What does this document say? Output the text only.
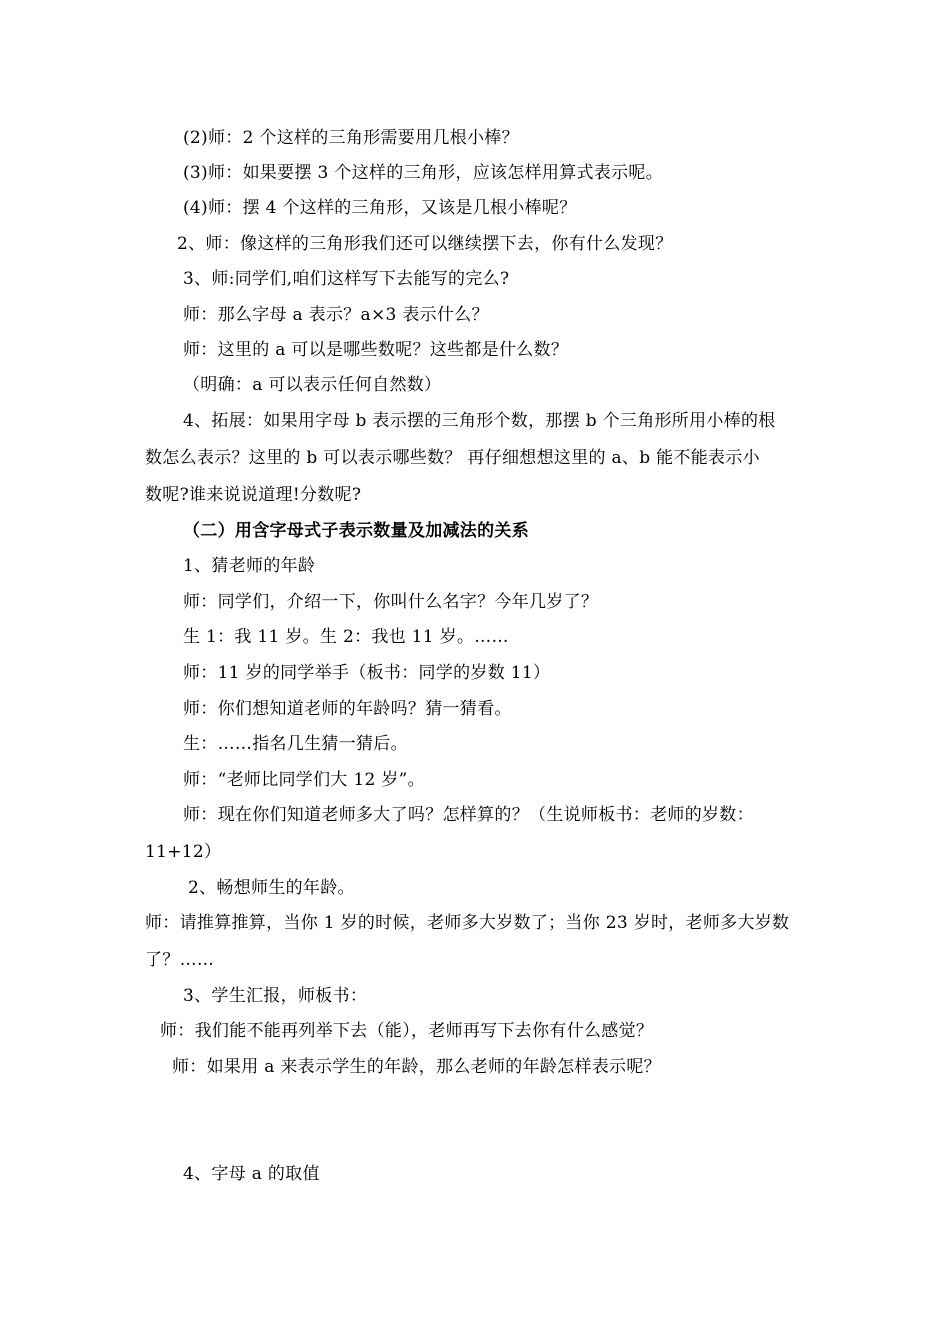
(2)师：2 个这样的三角形需要用几根小棒？
(3)师：如果要摆 3 个这样的三角形，应该怎样用算式表示呢。
(4)师：摆 4 个这样的三角形，又该是几根小棒呢？
2、师：像这样的三角形我们还可以继续摆下去，你有什么发现？
3、师:同学们,咱们这样写下去能写的完么?
师：那么字母 a 表示？a×3 表示什么？
师：这里的 a 可以是哪些数呢？这些都是什么数？
（明确：a 可以表示任何自然数）
4、拓展：如果用字母 b 表示摆的三角形个数，那摆 b 个三角形所用小棒的根
数怎么表示？这里的 b 可以表示哪些数？ 再仔细想想这里的 a、b 能不能表示小
数呢?谁来说说道理!分数呢?
（二）用含字母式子表示数量及加减法的关系
1、猜老师的年龄
师：同学们，介绍一下，你叫什么名字？今年几岁了？
生 1：我 11 岁。生 2：我也 11 岁。……
师：11 岁的同学举手（板书：同学的岁数 11）
师：你们想知道老师的年龄吗？猜一猜看。
生：……指名几生猜一猜后。
师：“老师比同学们大 12 岁”。
师：现在你们知道老师多大了吗？怎样算的？（生说师板书：老师的岁数：
11+12）
2、畅想师生的年龄。
师：请推算推算，当你 1 岁的时候，老师多大岁数了；当你 23 岁时，老师多大岁数
了？……
3、学生汇报，师板书：
师：我们能不能再列举下去（能），老师再写下去你有什么感觉？
师：如果用 a 来表示学生的年龄，那么老师的年龄怎样表示呢？
4、字母 a 的取值
